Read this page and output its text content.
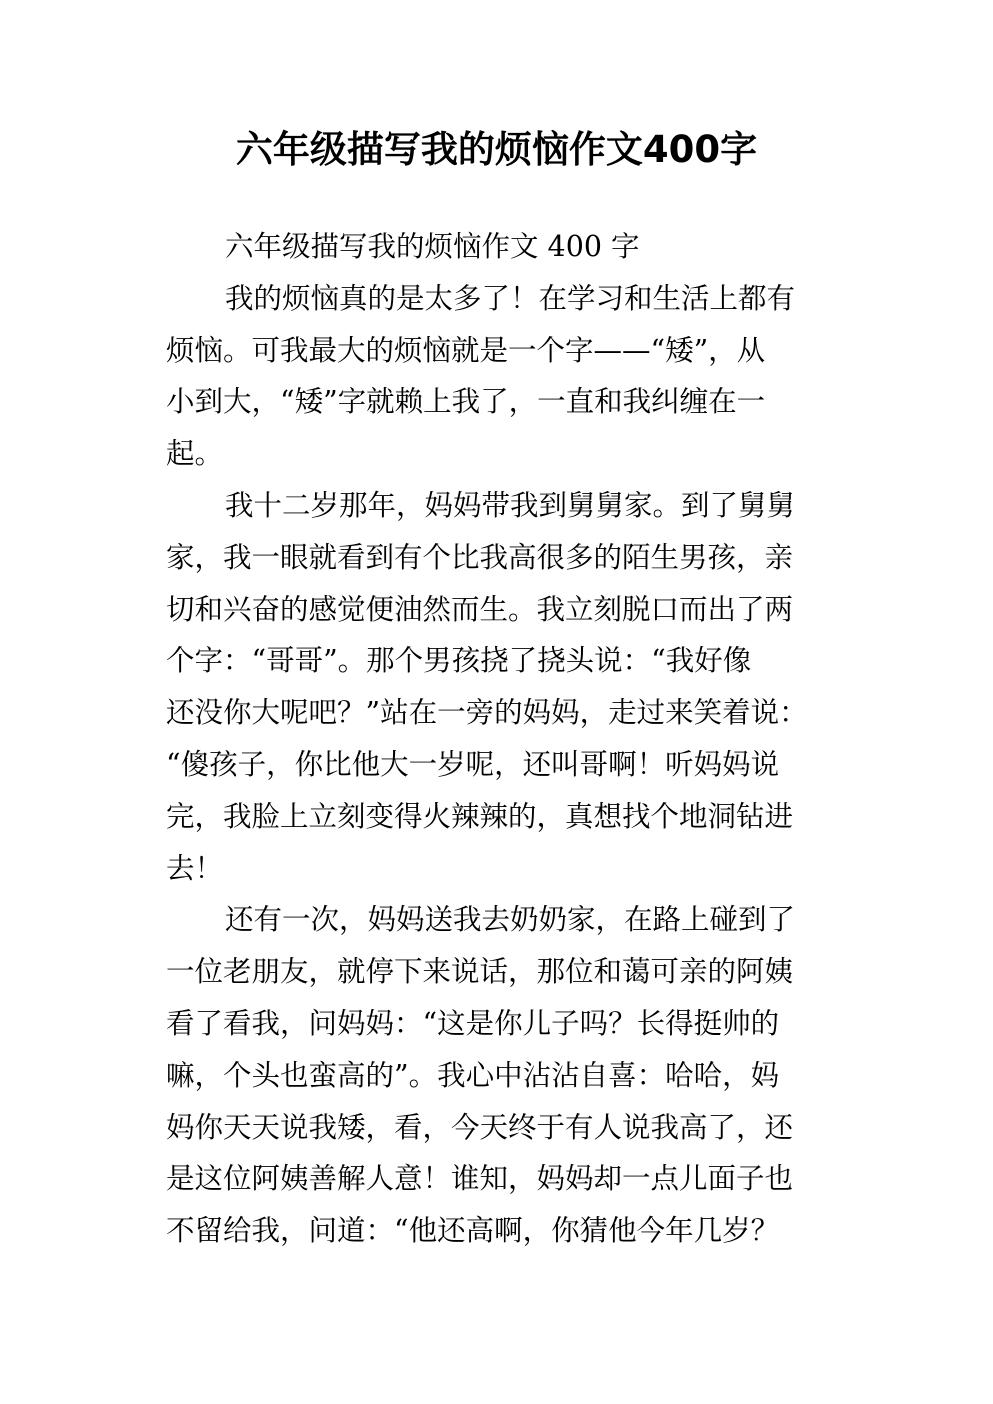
六年级描写我的烦恼作文400字
六年级描写我的烦恼作文 400 字
我的烦恼真的是太多了！在学习和生活上都有
烦恼。可我最大的烦恼就是一个字——“矮”，从
小到大，“矮”字就赖上我了，一直和我纠缠在一
起。
我十二岁那年，妈妈带我到舅舅家。到了舅舅
家，我一眼就看到有个比我高很多的陌生男孩，亲
切和兴奋的感觉便油然而生。我立刻脱口而出了两
个字：“哥哥”。那个男孩挠了挠头说：“我好像
还没你大呢吧？”站在一旁的妈妈，走过来笑着说：
“傻孩子，你比他大一岁呢，还叫哥啊！听妈妈说
完，我脸上立刻变得火辣辣的，真想找个地洞钻进
去！
还有一次，妈妈送我去奶奶家，在路上碰到了
一位老朋友，就停下来说话，那位和蔼可亲的阿姨
看了看我，问妈妈：“这是你儿子吗？长得挺帅的
嘛，个头也蛮高的”。我心中沾沾自喜：哈哈，妈
妈你天天说我矮，看，今天终于有人说我高了，还
是这位阿姨善解人意！谁知，妈妈却一点儿面子也
不留给我，问道：“他还高啊，你猜他今年几岁？
